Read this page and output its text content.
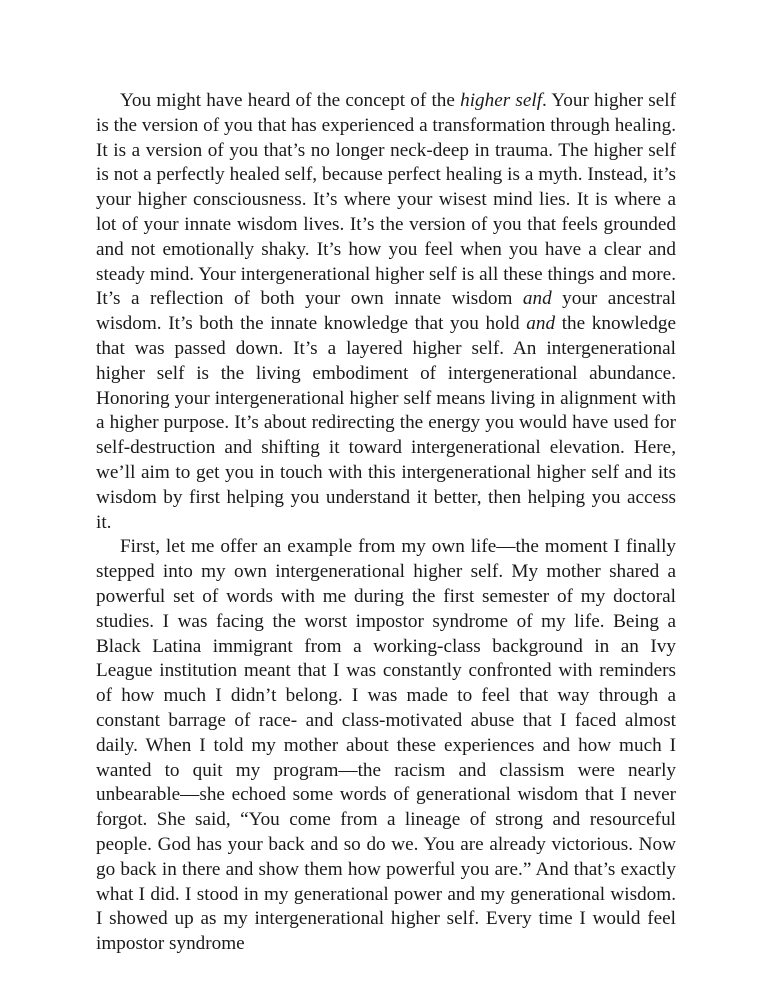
You might have heard of the concept of the higher self. Your higher self is the version of you that has experienced a transformation through healing. It is a version of you that’s no longer neck-deep in trauma. The higher self is not a perfectly healed self, because perfect healing is a myth. Instead, it’s your higher consciousness. It’s where your wisest mind lies. It is where a lot of your innate wisdom lives. It’s the version of you that feels grounded and not emotionally shaky. It’s how you feel when you have a clear and steady mind. Your intergenerational higher self is all these things and more. It’s a reflection of both your own innate wisdom and your ancestral wisdom. It’s both the innate knowledge that you hold and the knowledge that was passed down. It’s a layered higher self. An intergenerational higher self is the living embodiment of intergenerational abundance. Honoring your intergenerational higher self means living in alignment with a higher purpose. It’s about redirecting the energy you would have used for self-destruction and shifting it toward intergenerational elevation. Here, we’ll aim to get you in touch with this intergenerational higher self and its wisdom by first helping you understand it better, then helping you access it.

First, let me offer an example from my own life—the moment I finally stepped into my own intergenerational higher self. My mother shared a powerful set of words with me during the first semester of my doctoral studies. I was facing the worst impostor syndrome of my life. Being a Black Latina immigrant from a working-class background in an Ivy League institution meant that I was constantly confronted with reminders of how much I didn’t belong. I was made to feel that way through a constant barrage of race- and class-motivated abuse that I faced almost daily. When I told my mother about these experiences and how much I wanted to quit my program—the racism and classism were nearly unbearable—she echoed some words of generational wisdom that I never forgot. She said, “You come from a lineage of strong and resourceful people. God has your back and so do we. You are already victorious. Now go back in there and show them how powerful you are.” And that’s exactly what I did. I stood in my generational power and my generational wisdom. I showed up as my intergenerational higher self. Every time I would feel impostor syndrome
